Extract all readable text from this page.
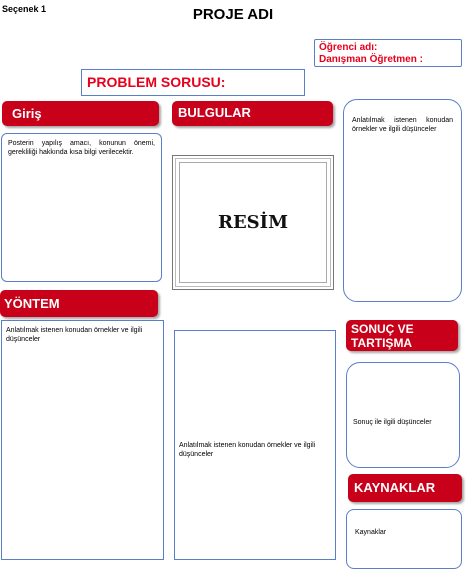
Seçenek 1	PROJE ADI
Öğrenci adı:
Danışman Öğretmen :
PROBLEM SORUSU:
Giriş
Posterin yapılış amacı, konunun önemi, gerekliliği hakkında kısa bilgi verilecektir.
YÖNTEM
Anlatılmak istenen konudan örnekler ve ilgili düşünceler
BULGULAR
RESİM
Anlatılmak istenen konudan örnekler ve ilgili düşünceler
Anlatılmak istenen konudan örnekler ve ilgili düşünceler
SONUÇ VE TARTIŞMA
Sonuç ile ilgili düşünceler
KAYNAKLAR
Kaynaklar
